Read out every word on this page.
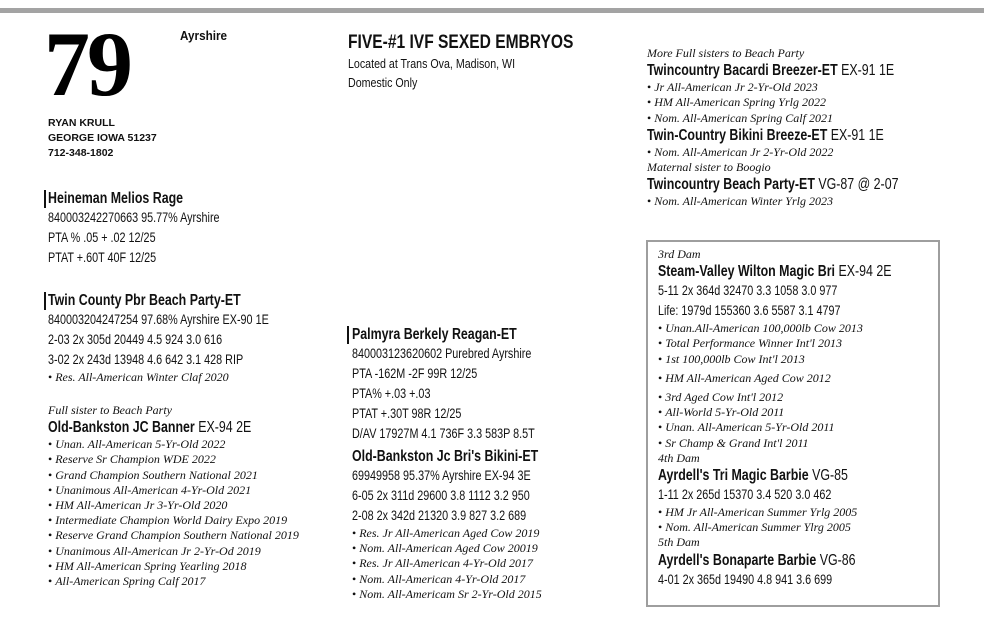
79	Ayrshire
RYAN KRULL
GEORGE IOWA 51237
712-348-1802
FIVE-#1 IVF SEXED EMBRYOS
Located at Trans Ova, Madison, WI
Domestic Only
Heineman Melios Rage
840003242270663 95.77% Ayrshire
PTA % .05 + .02 12/25
PTAT +.60T 40F 12/25
Twin County Pbr Beach Party-ET
840003204247254 97.68% Ayrshire EX-90 1E
2-03 2x 305d 20449 4.5 924 3.0 616
3-02 2x 243d 13948 4.6 642 3.1 428 RIP
• Res. All-American Winter Claf 2020
Full sister to Beach Party
Old-Bankston JC Banner EX-94 2E
• Unan. All-American 5-Yr-Old 2022
• Reserve Sr Champion WDE 2022
• Grand Champion Southern National 2021
• Unanimous All-American 4-Yr-Old 2021
• HM All-American Jr 3-Yr-Old 2020
• Intermediate Champion World Dairy Expo 2019
• Reserve Grand Champion Southern National 2019
• Unanimous All-American Jr 2-Yr-Od 2019
• HM All-American Spring Yearling 2018
• All-American Spring Calf 2017
Palmyra Berkely Reagan-ET
840003123620602 Purebred Ayrshire
PTA -162M -2F 99R 12/25
PTA% +.03 +.03
PTAT +.30T 98R 12/25
D/AV 17927M 4.1 736F 3.3 583P 8.5T
Old-Bankston Jc Bri's Bikini-ET
69949958 95.37% Ayrshire EX-94 3E
6-05 2x 311d 29600 3.8 1112 3.2 950
2-08 2x 342d 21320 3.9 827 3.2 689
• Res. Jr All-American Aged Cow 2019
• Nom. All-American Aged Cow 20019
• Res. Jr All-American 4-Yr-Old 2017
• Nom. All-American 4-Yr-Old 2017
• Nom. All-Americam Sr 2-Yr-Old 2015
More Full sisters to Beach Party
Twincountry Bacardi Breezer-ET EX-91 1E
• Jr All-American Jr 2-Yr-Old 2023
• HM All-American Spring Yrlg 2022
• Nom. All-American Spring Calf 2021
Twin-Country Bikini Breeze-ET EX-91 1E
• Nom. All-American Jr 2-Yr-Old 2022
Maternal sister to Boogio
Twincountry Beach Party-ET VG-87 @ 2-07
• Nom. All-American Winter Yrlg 2023
3rd Dam
Steam-Valley Wilton Magic Bri EX-94 2E
5-11 2x 364d 32470 3.3 1058 3.0 977
Life: 1979d 155360 3.6 5587 3.1 4797
• Unan.All-American 100,000lb Cow 2013
• Total Performance Winner Int'l 2013
• 1st 100,000lb Cow Int'l 2013
• HM All-American Aged Cow 2012
• 3rd Aged Cow Int'l 2012
• All-World 5-Yr-Old 2011
• Unan. All-American 5-Yr-Old 2011
• Sr Champ & Grand Int'l 2011
4th Dam
Ayrdell's Tri Magic Barbie VG-85
1-11 2x 265d 15370 3.4 520 3.0 462
• HM Jr All-American Summer Yrlg 2005
• Nom. All-American Summer Ylrg 2005
5th Dam
Ayrdell's Bonaparte Barbie VG-86
4-01 2x 365d 19490 4.8 941 3.6 699
